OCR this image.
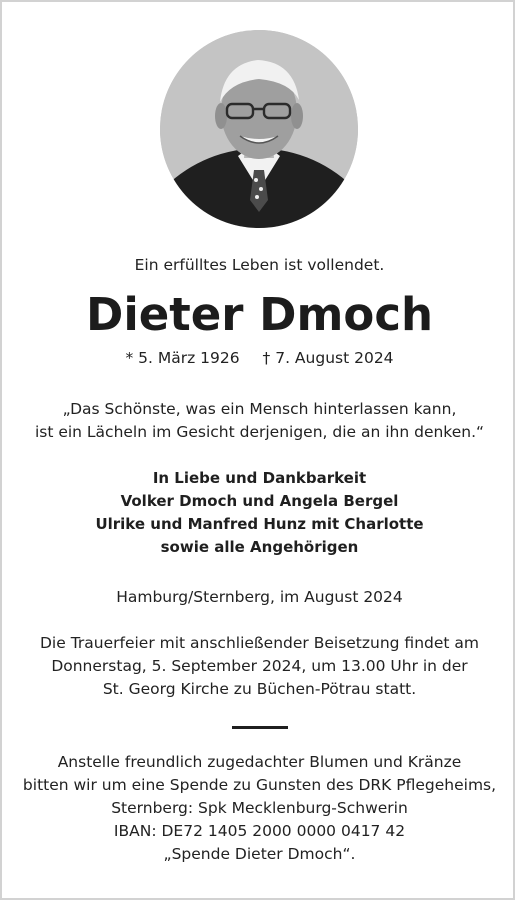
Ein erfülltes Leben ist vollendet.
Dieter Dmoch
* 5. März 1926 † 7. August 2024
„Das Schönste, was ein Mensch hinterlassen kann,
ist ein Lächeln im Gesicht derjenigen, die an ihn denken.“
In Liebe und Dankbarkeit
Volker Dmoch und Angela Bergel
Ulrike und Manfred Hunz mit Charlotte
sowie alle Angehörigen
Hamburg/Sternberg, im August 2024
Die Trauerfeier mit anschließender Beisetzung findet am
Donnerstag, 5. September 2024, um 13.00 Uhr in der
St. Georg Kirche zu Büchen-Pötrau statt.
Anstelle freundlich zugedachter Blumen und Kränze
bitten wir um eine Spende zu Gunsten des DRK Pflegeheims,
Sternberg: Spk Mecklenburg-Schwerin
IBAN: DE72 1405 2000 0000 0417 42
„Spende Dieter Dmoch“.
